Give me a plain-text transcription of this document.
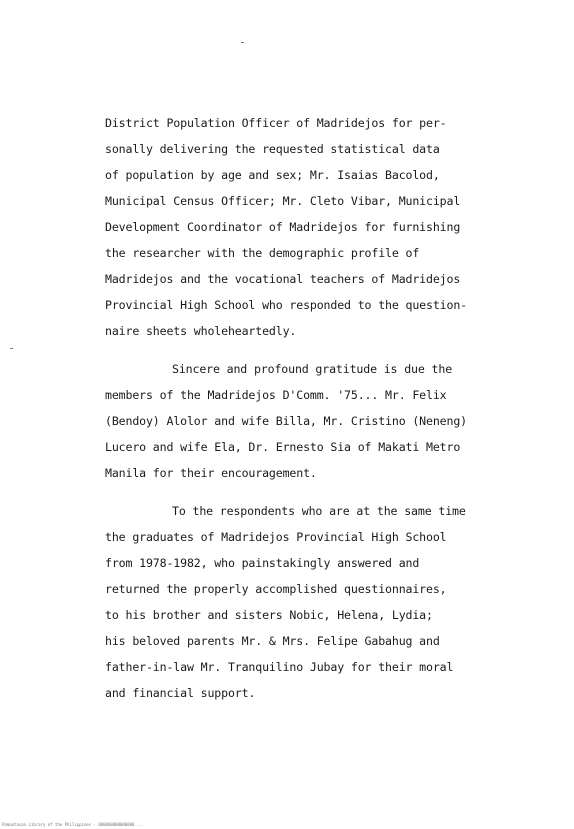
District Population Officer of Madridejos for per-
sonally delivering the requested statistical data
of population by age and sex; Mr. Isaias Bacolod,
Municipal Census Officer; Mr. Cleto Vibar, Municipal
Development Coordinator of Madridejos for furnishing
the researcher with the demographic profile of
Madridejos and the vocational teachers of Madridejos
Provincial High School who responded to the question-
naire sheets wholeheartedly.
Sincere and profound gratitude is due the
members of the Madridejos D'Comm. '75... Mr. Felix
(Bendoy) Alolor and wife Billa, Mr. Cristino (Neneng)
Lucero and wife Ela, Dr. Ernesto Sia of Makati Metro
Manila for their encouragement.
To the respondents who are at the same time
the graduates of Madridejos Provincial High School
from 1978-1982, who painstakingly answered and
returned the properly accomplished questionnaires,
to his brother and sisters Nobic, Helena, Lydia;
his beloved parents Mr. & Mrs. Felipe Gabahug and
father-in-law Mr. Tranquilino Jubay for their moral
and financial support.
Pamantasan Library of the Philippines · 000000000000000 ...
